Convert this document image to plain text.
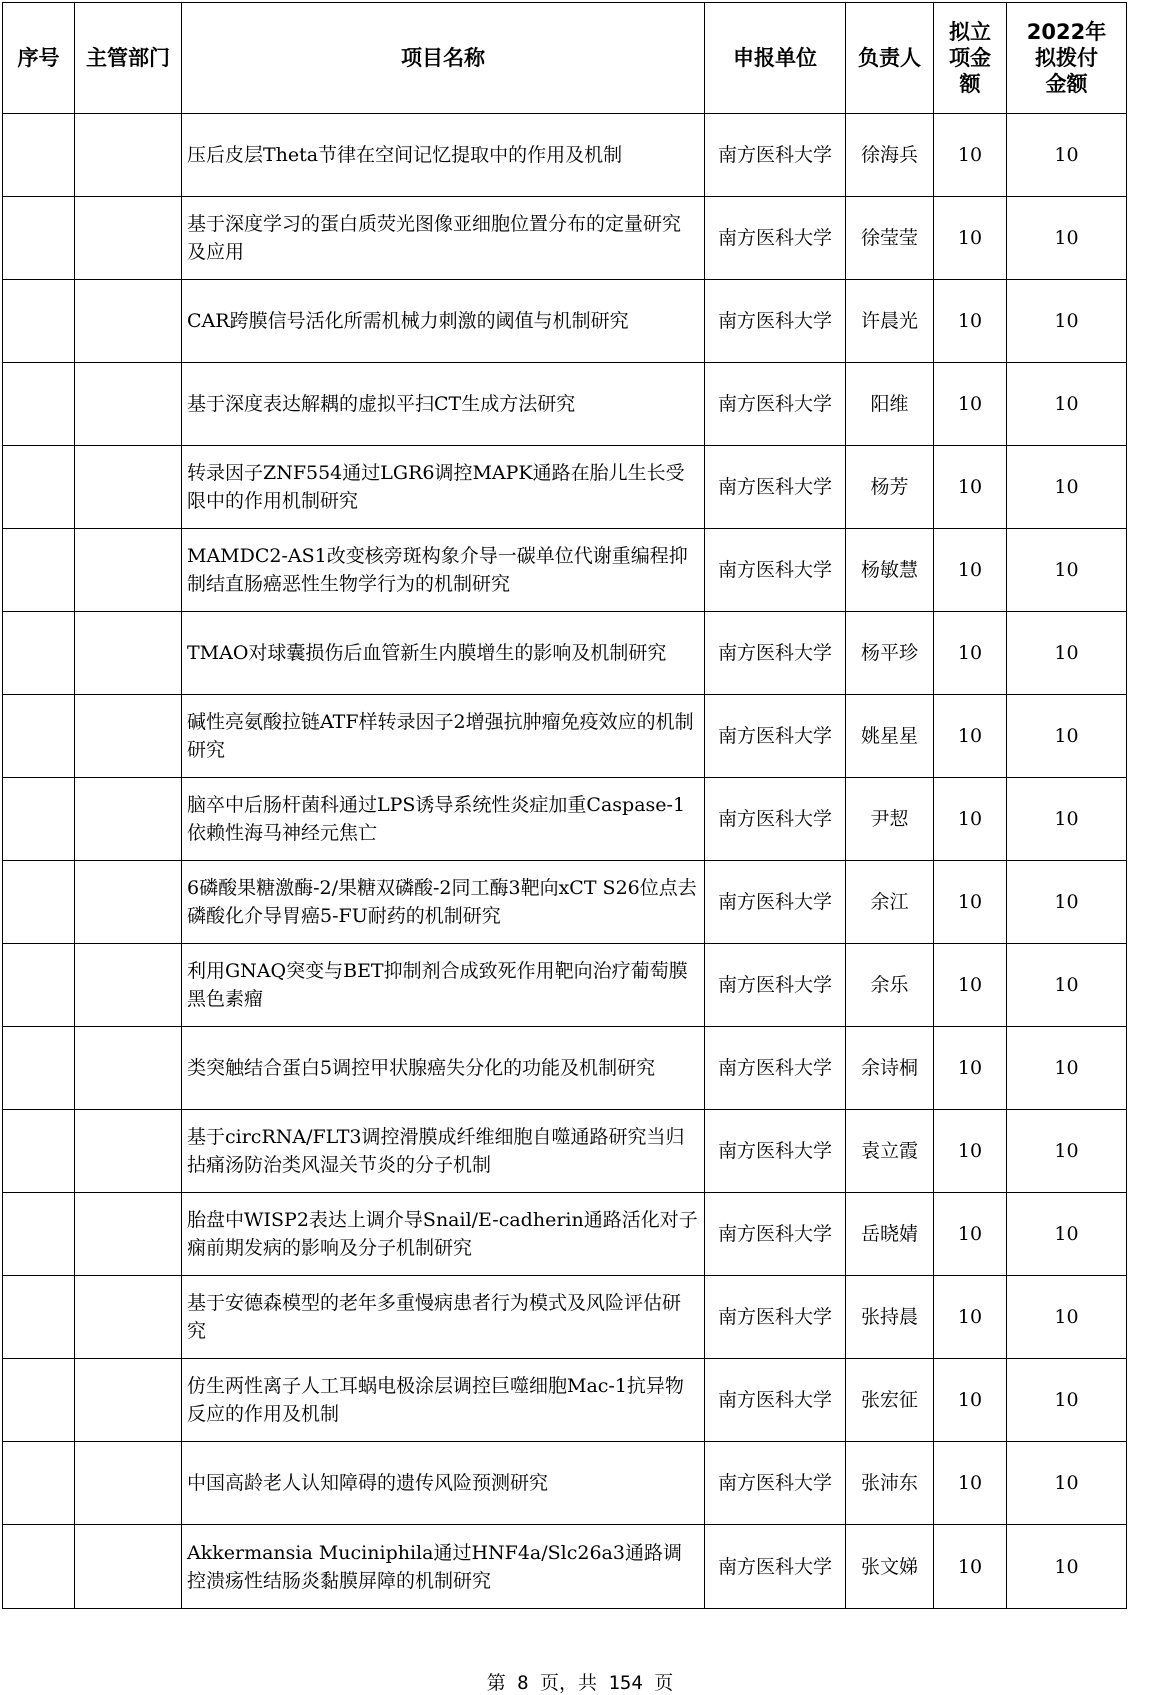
序号	主管部门	项目名称	申报单位	负责人	拟立项金额	2022年拟拨付金额
		压后皮层Theta节律在空间记忆提取中的作用及机制	南方医科大学	徐海兵	10	10
		基于深度学习的蛋白质荧光图像亚细胞位置分布的定量研究及应用	南方医科大学	徐莹莹	10	10
		CAR跨膜信号活化所需机械力刺激的阈值与机制研究	南方医科大学	许晨光	10	10
		基于深度表达解耦的虚拟平扫CT生成方法研究	南方医科大学	阳维	10	10
		转录因子ZNF554通过LGR6调控MAPK通路在胎儿生长受限中的作用机制研究	南方医科大学	杨芳	10	10
		MAMDC2-AS1改变核旁斑构象介导一碳单位代谢重编程抑制结直肠癌恶性生物学行为的机制研究	南方医科大学	杨敏慧	10	10
		TMAO对球囊损伤后血管新生内膜增生的影响及机制研究	南方医科大学	杨平珍	10	10
		碱性亮氨酸拉链ATF样转录因子2增强抗肿瘤免疫效应的机制研究	南方医科大学	姚星星	10	10
		脑卒中后肠杆菌科通过LPS诱导系统性炎症加重Caspase-1依赖性海马神经元焦亡	南方医科大学	尹恝	10	10
		6磷酸果糖激酶-2/果糖双磷酸-2同工酶3靶向xCT S26位点去磷酸化介导胃癌5-FU耐药的机制研究	南方医科大学	余江	10	10
		利用GNAQ突变与BET抑制剂合成致死作用靶向治疗葡萄膜黑色素瘤	南方医科大学	余乐	10	10
		类突触结合蛋白5调控甲状腺癌失分化的功能及机制研究	南方医科大学	余诗桐	10	10
		基于circRNA/FLT3调控滑膜成纤维细胞自噬通路研究当归拈痛汤防治类风湿关节炎的分子机制	南方医科大学	袁立霞	10	10
		胎盘中WISP2表达上调介导Snail/E-cadherin通路活化对子痫前期发病的影响及分子机制研究	南方医科大学	岳晓婧	10	10
		基于安德森模型的老年多重慢病患者行为模式及风险评估研究	南方医科大学	张持晨	10	10
		仿生两性离子人工耳蜗电极涂层调控巨噬细胞Mac-1抗异物反应的作用及机制	南方医科大学	张宏征	10	10
		中国高龄老人认知障碍的遗传风险预测研究	南方医科大学	张沛东	10	10
		Akkermansia Muciniphila通过HNF4a/Slc26a3通路调控溃疡性结肠炎黏膜屏障的机制研究	南方医科大学	张文娣	10	10
第 8 页，共 154 页
